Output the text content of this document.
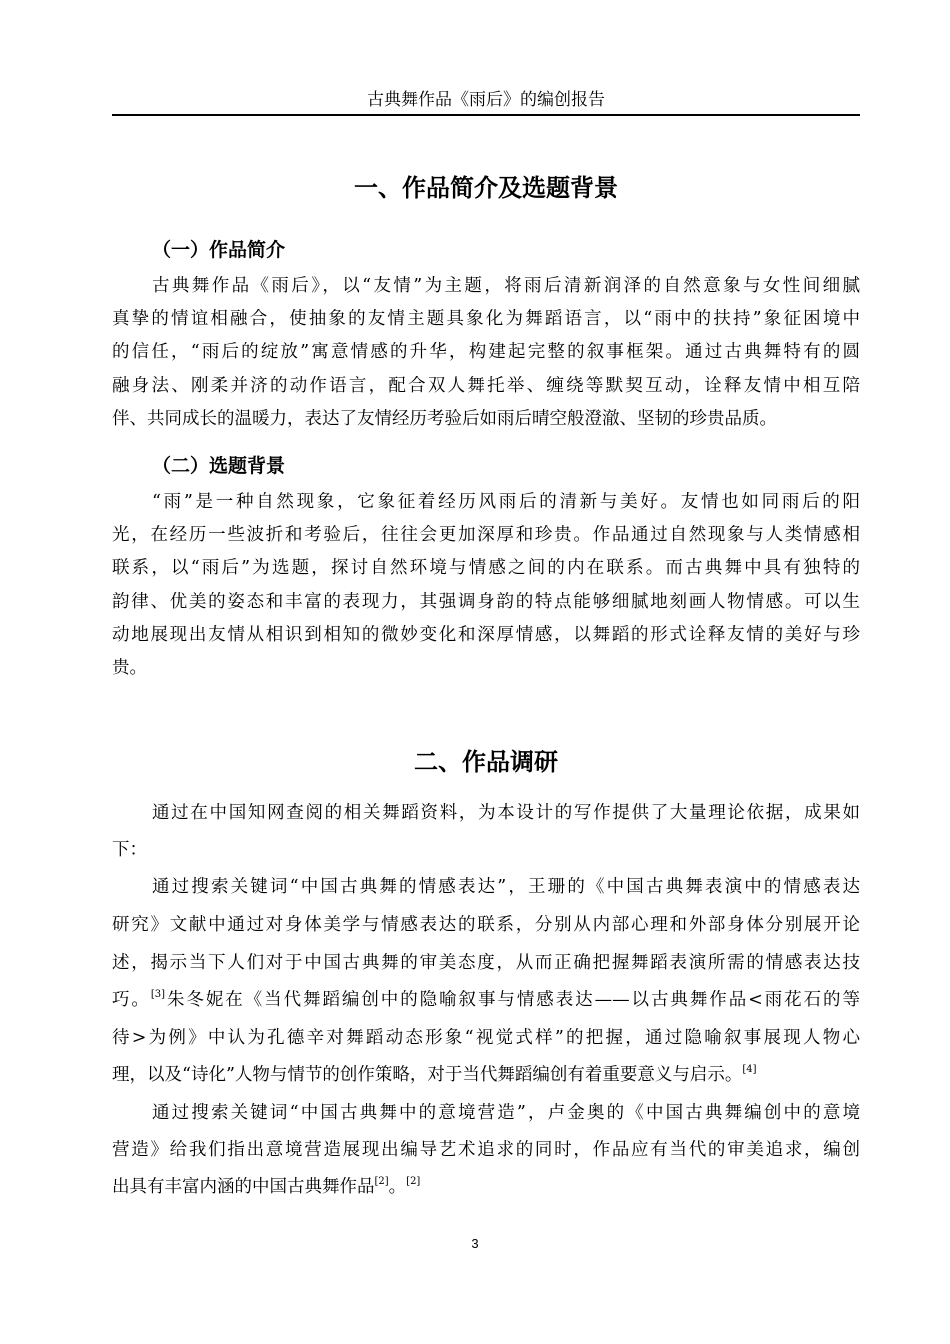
古典舞作品《雨后》的编创报告
一、作品简介及选题背景
（一）作品简介
古典舞作品《雨后》，以“友情”为主题，将雨后清新润泽的自然意象与女性间细腻
真挚的情谊相融合，使抽象的友情主题具象化为舞蹈语言，以“雨中的扶持”象征困境中
的信任，“雨后的绽放”寓意情感的升华，构建起完整的叙事框架。通过古典舞特有的圆
融身法、刚柔并济的动作语言，配合双人舞托举、缠绕等默契互动，诠释友情中相互陪
伴、共同成长的温暖力，表达了友情经历考验后如雨后晴空般澄澈、坚韧的珍贵品质。
（二）选题背景
“雨”是一种自然现象，它象征着经历风雨后的清新与美好。友情也如同雨后的阳
光，在经历一些波折和考验后，往往会更加深厚和珍贵。作品通过自然现象与人类情感相
联系，以“雨后”为选题，探讨自然环境与情感之间的内在联系。而古典舞中具有独特的
韵律、优美的姿态和丰富的表现力，其强调身韵的特点能够细腻地刻画人物情感。可以生
动地展现出友情从相识到相知的微妙变化和深厚情感，以舞蹈的形式诠释友情的美好与珍
贵。
二、作品调研
通过在中国知网查阅的相关舞蹈资料，为本设计的写作提供了大量理论依据，成果如
下：
通过搜索关键词“中国古典舞的情感表达”，王珊的《中国古典舞表演中的情感表达
研究》文献中通过对身体美学与情感表达的联系，分别从内部心理和外部身体分别展开论
述，揭示当下人们对于中国古典舞的审美态度，从而正确把握舞蹈表演所需的情感表达技
巧。[3]朱冬妮在《当代舞蹈编创中的隐喻叙事与情感表达——以古典舞作品<雨花石的等
待>为例》中认为孔德辛对舞蹈动态形象“视觉式样”的把握，通过隐喻叙事展现人物心
理，以及“诗化”人物与情节的创作策略，对于当代舞蹈编创有着重要意义与启示。[4]
通过搜索关键词“中国古典舞中的意境营造”，卢金奥的《中国古典舞编创中的意境
营造》给我们指出意境营造展现出编导艺术追求的同时，作品应有当代的审美追求，编创
出具有丰富内涵的中国古典舞作品[2]。[2]
3
